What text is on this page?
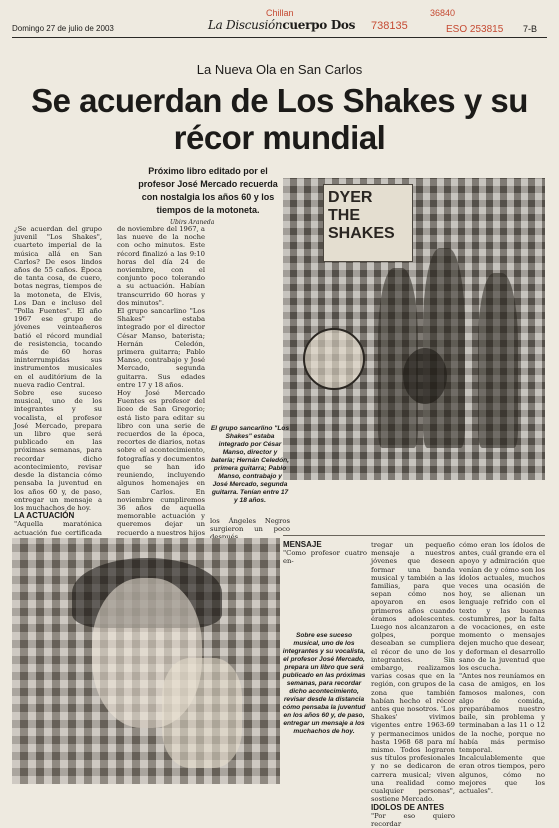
Domingo 27 de julio de 2003	La Discusióncuerpo Dos
Chillan
738135
36840
ESO 253815 7-B
La Nueva Ola en San Carlos
Se acuerdan de Los Shakes y su récor mundial
Próximo libro editado por el profesor José Mercado recuerda con nostalgia los años 60 y los tiempos de la motoneta.
Ubirs Araneda

¿Se acuerdan del grupo juvenil "Los Shakes", cuarteto imperial de la música allá en San Carlos? De esos lindos años de 55 caños. Época de tanta cosa, de cuero, botas negras, tiempos de la motoneta, de Elvis, Los Dan e incluso del "Polla Fuentes". El año 1967 ese grupo de jóvenes veinteañeros batió el récord mundial de resistencia, tocando más de 60 horas ininterrumpidas sus instrumentos musicales en el auditórium de la nueva radio Central.

Sobre ese suceso musical, uno de los integrantes y su vocalista, el profesor José Mercado, prepara un libro que será publicado en las próximas semanas, para recordar dicho acontecimiento, revisar desde la distancia cómo pensaba la juventud en los años 60 y, de paso, entregar un mensaje a los muchachos de hoy.

LA ACTUACIÓN

"Aquella maratónica actuación fue certificada

de noviembre del 1967, a las nueve de la noche con ocho minutos. Este récord finalizó a las 9:10 horas del día 24 de noviembre, con el conjunto poco tolerando a su actuación. Habían transcurrido 60 horas y dos minutos".

El grupo sancarlino "Los Shakes" estaba integrado por el director César Manso, baterista; Hernán Celedón, primera guitarra; Pablo Manso, contrabajo y José Mercado, segunda guitarra. Sus edades entre 17 y 18 años.

Hoy José Mercado Fuentes es profesor del liceo de San Gregorio; está listo para editar su libro con una serie de recuerdos de la época, recortes de diarios, notas sobre el acontecimiento, fotografías y documentos que se han ido reuniendo, incluyendo algunos homenajes en San Carlos. En noviembre cumpliremos 36 años de aquella memorable actuación y queremos dejar un recuerdo a nuestros hijos

los Ángeles Negros surgieron un poco

DYER THE SHAKES
El grupo sancarlino "Los Shakes" estaba integrado por César Manso, director y batería; Hernán Celedón, primera guitarra; Pablo Manso, contrabajo y José Mercado, segunda guitarra. Tenían entre 17 y 18 años.

MENSAJE

"Como profesor cuatro en-

tregar un pequeño mensaje a nuestros jóvenes que deseen formar una banda musical y también a las familias, para que sepan cómo nos apoyaron en esos primeros años cuando éramos adolescentes. Luego nos alcanzaron a golpes, porque deseaban se cumpliera el récor de uno de los integrantes. Sin embargo, realizamos varias cosas que en la región, con grupos de la zona que también habían hecho el récor antes que nosotros. 'Los Shakes' vivimos vigentes entre 1963-69 y permanecimos unidos hasta 1968 68 para mí mismo. Todos lograron sus títulos profesionales y no se dedicaron de carrera musical; viven una realidad como cualquier personas", sostiene Mercado.

IDOLOS DE ANTES

"Por eso quiero recordar

cómo eran los ídolos de antes, cuál grande era el apoyo y admiración que venían de y cómo son los ídolos actuales, muchos veces una ocasión de hoy, se alienan un lenguaje refrido con el texto y las buenas costumbres, por la falta de vocaciones, en este momento o mensajes dejen mucho que desear, y deforman el desarrollo sano de la juventud que los escucha.

"Antes nos reuníamos en casa de amigos, en los famosos malones, con algo de comida, preparábamos nuestro baile, sin problema y terminaban a las 11 o 12 de la noche, porque no había más permiso temporal. Incalculablemente que eran otros tiempos, pero algunos, cómo no mejores que los actuales".

Sobre ese suceso musical, uno de los integrantes y su vocalista, el profesor José Mercado, prepara un libro que será publicado en las próximas semanas, para recordar dicho acontecimiento, revisar desde la distancia cómo pensaba la juventud en los años 60 y, de paso, entregar un mensaje a los muchachos de hoy.
